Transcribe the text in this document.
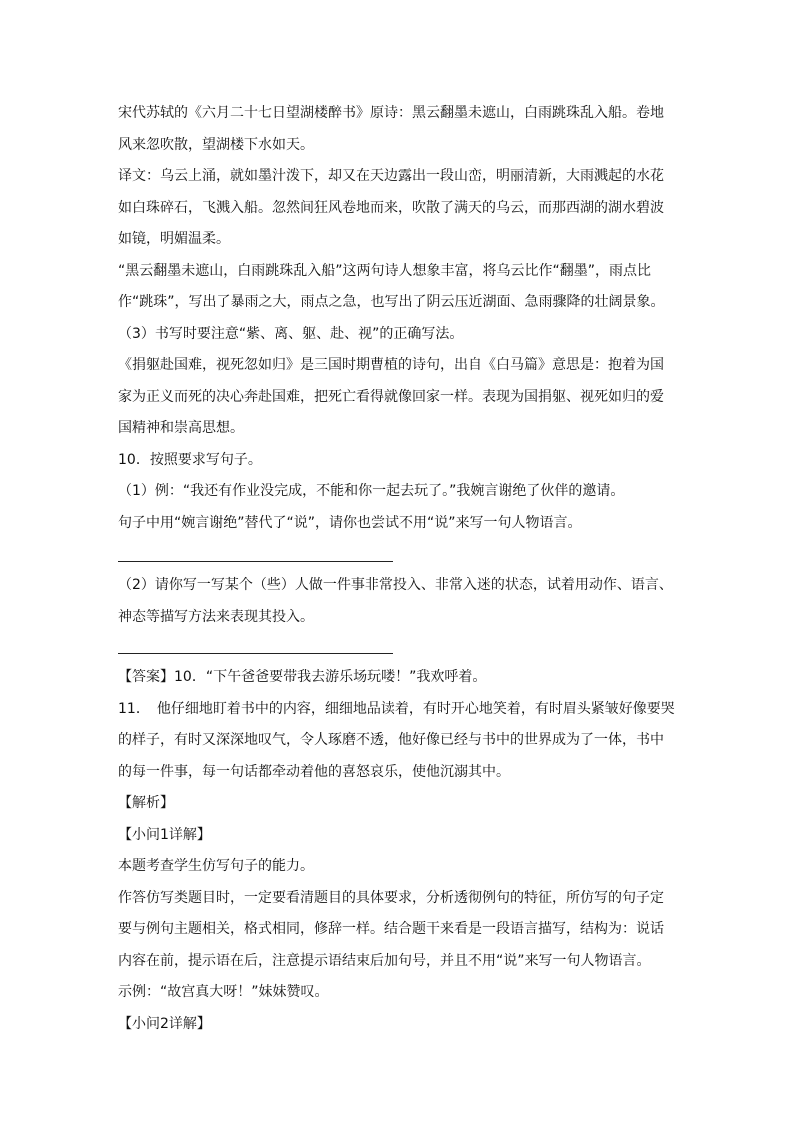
宋代苏轼的《六月二十七日望湖楼醉书》原诗：黑云翻墨未遮山，白雨跳珠乱入船。卷地

风来忽吹散，望湖楼下水如天。

译文：乌云上涌，就如墨汁泼下，却又在天边露出一段山峦，明丽清新，大雨溅起的水花

如白珠碎石，飞溅入船。忽然间狂风卷地而来，吹散了满天的乌云，而那西湖的湖水碧波

如镜，明媚温柔。

“黑云翻墨未遮山，白雨跳珠乱入船”这两句诗人想象丰富，将乌云比作“翻墨”，雨点比

作“跳珠”，写出了暴雨之大，雨点之急，也写出了阴云压近湖面、急雨骤降的壮阔景象。

（3）书写时要注意“紫、离、躯、赴、视”的正确写法。

《捐躯赴国难，视死忽如归》是三国时期曹植的诗句，出自《白马篇》意思是：抱着为国

家为正义而死的决心奔赴国难，把死亡看得就像回家一样。表现为国捐躯、视死如归的爱

国精神和崇高思想。

10．按照要求写句子。

（1）例：“我还有作业没完成，不能和你一起去玩了。”我婉言谢绝了伙伴的邀请。

句子中用“婉言谢绝”替代了“说”，请你也尝试不用“说”来写一句人物语言。

（2）请你写一写某个（些）人做一件事非常投入、非常入迷的状态，试着用动作、语言、

神态等描写方法来表现其投入。

【答案】10．“下午爸爸要带我去游乐场玩喽！”我欢呼着。

11．　他仔细地盯着书中的内容，细细地品读着，有时开心地笑着，有时眉头紧皱好像要哭

的样子，有时又深深地叹气，令人琢磨不透，他好像已经与书中的世界成为了一体，书中

的每一件事，每一句话都牵动着他的喜怒哀乐，使他沉溺其中。

【解析】

【小问1详解】

本题考查学生仿写句子的能力。

作答仿写类题目时，一定要看清题目的具体要求，分析透彻例句的特征，所仿写的句子定

要与例句主题相关，格式相同，修辞一样。结合题干来看是一段语言描写，结构为：说话

内容在前，提示语在后，注意提示语结束后加句号，并且不用“说”来写一句人物语言。

示例：“故宫真大呀！”妹妹赞叹。

【小问2详解】
